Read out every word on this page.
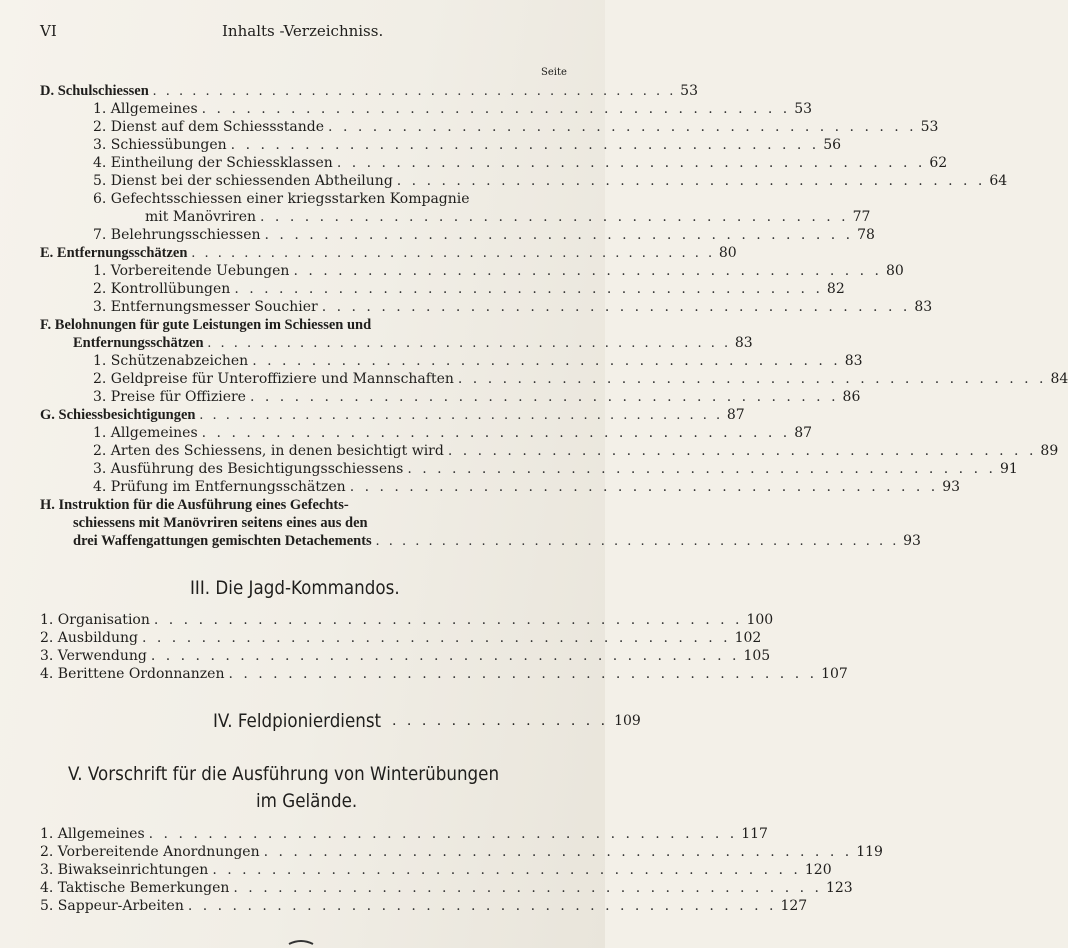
VI	Inhalts -Verzeichniss.
Seite
D. Schulschiessen . . . . . . . . . . . . . . . . . . . . . . . . . . . . . . . . . . . . . . . . 53
1. Allgemeines . . . . . . . . . . . . . . . . . . . . . . . . . . . . . . . . . . . . . . . . 53
2. Dienst auf dem Schiessstande . . . . . . . . . . . . . . . . . . . . . . . . . . . . . . . . . . . . . . . . 53
3. Schiessübungen . . . . . . . . . . . . . . . . . . . . . . . . . . . . . . . . . . . . . . . . 56
4. Eintheilung der Schiessklassen . . . . . . . . . . . . . . . . . . . . . . . . . . . . . . . . . . . . . . . . 62
5. Dienst bei der schiessenden Abtheilung . . . . . . . . . . . . . . . . . . . . . . . . . . . . . . . . . . . . . . . . 64
6. Gefechtsschiessen einer kriegsstarken Kompagnie
mit Manövriren . . . . . . . . . . . . . . . . . . . . . . . . . . . . . . . . . . . . . . . . 77
7. Belehrungsschiessen . . . . . . . . . . . . . . . . . . . . . . . . . . . . . . . . . . . . . . . . 78
E. Entfernungsschätzen . . . . . . . . . . . . . . . . . . . . . . . . . . . . . . . . . . . . . . . . 80
1. Vorbereitende Uebungen . . . . . . . . . . . . . . . . . . . . . . . . . . . . . . . . . . . . . . . . 80
2. Kontrollübungen . . . . . . . . . . . . . . . . . . . . . . . . . . . . . . . . . . . . . . . . 82
3. Entfernungsmesser Souchier . . . . . . . . . . . . . . . . . . . . . . . . . . . . . . . . . . . . . . . . 83
F. Belohnungen für gute Leistungen im Schiessen und
Entfernungsschätzen . . . . . . . . . . . . . . . . . . . . . . . . . . . . . . . . . . . . . . . . 83
1. Schützenabzeichen . . . . . . . . . . . . . . . . . . . . . . . . . . . . . . . . . . . . . . . . 83
2. Geldpreise für Unteroffiziere und Mannschaften . . . . . . . . . . . . . . . . . . . . . . . . . . . . . . . . . . . . . . . . 84
3. Preise für Offiziere . . . . . . . . . . . . . . . . . . . . . . . . . . . . . . . . . . . . . . . . 86
G. Schiessbesichtigungen . . . . . . . . . . . . . . . . . . . . . . . . . . . . . . . . . . . . . . . . 87
1. Allgemeines . . . . . . . . . . . . . . . . . . . . . . . . . . . . . . . . . . . . . . . . 87
2. Arten des Schiessens, in denen besichtigt wird . . . . . . . . . . . . . . . . . . . . . . . . . . . . . . . . . . . . . . . . 89
3. Ausführung des Besichtigungsschiessens . . . . . . . . . . . . . . . . . . . . . . . . . . . . . . . . . . . . . . . . 91
4. Prüfung im Entfernungsschätzen . . . . . . . . . . . . . . . . . . . . . . . . . . . . . . . . . . . . . . . . 93
H. Instruktion für die Ausführung eines Gefechts-
schiessens mit Manövriren seitens eines aus den
drei Waffengattungen gemischten Detachements . . . . . . . . . . . . . . . . . . . . . . . . . . . . . . . . . . . . . . . . 93
III. Die Jagd-Kommandos.
1. Organisation . . . . . . . . . . . . . . . . . . . . . . . . . . . . . . . . . . . . . . . . 100
2. Ausbildung . . . . . . . . . . . . . . . . . . . . . . . . . . . . . . . . . . . . . . . . 102
3. Verwendung . . . . . . . . . . . . . . . . . . . . . . . . . . . . . . . . . . . . . . . . 105
4. Berittene Ordonnanzen . . . . . . . . . . . . . . . . . . . . . . . . . . . . . . . . . . . . . . . . 107
IV. Feldpionierdienst . . . . . . . . . . . . . . . 109
V. Vorschrift für die Ausführung von Winterübungen
im Gelände.
1. Allgemeines . . . . . . . . . . . . . . . . . . . . . . . . . . . . . . . . . . . . . . . . 117
2. Vorbereitende Anordnungen . . . . . . . . . . . . . . . . . . . . . . . . . . . . . . . . . . . . . . . . 119
3. Biwakseinrichtungen . . . . . . . . . . . . . . . . . . . . . . . . . . . . . . . . . . . . . . . . 120
4. Taktische Bemerkungen . . . . . . . . . . . . . . . . . . . . . . . . . . . . . . . . . . . . . . . . 123
5. Sappeur-Arbeiten . . . . . . . . . . . . . . . . . . . . . . . . . . . . . . . . . . . . . . . . 127
